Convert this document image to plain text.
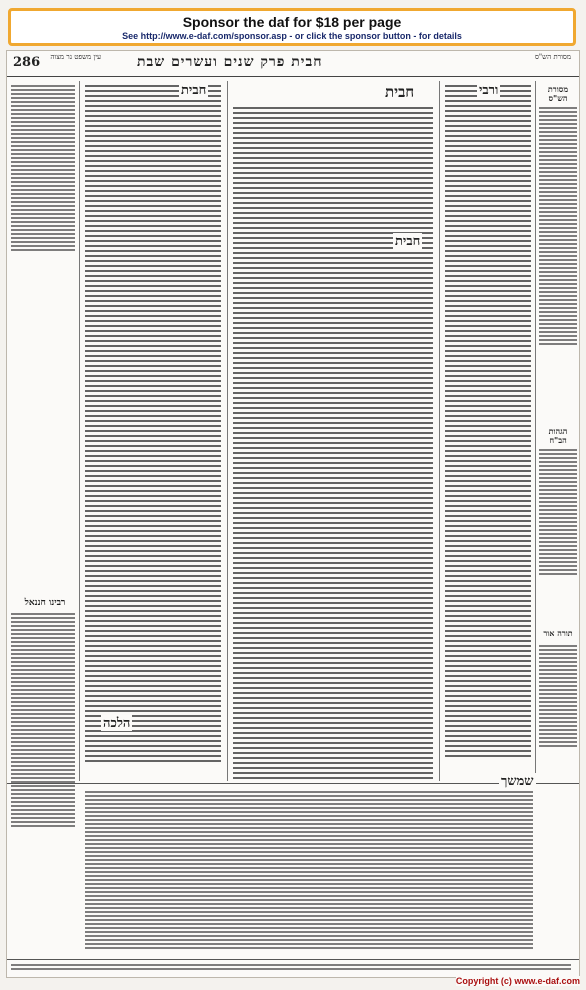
Sponsor the daf for $18 per page
See http://www.e-daf.com/sponsor.asp - or click the sponsor button - for details
286	עין משפט נר מצוה	חבית פרק שנים ועשרים שבת	מסורת הש"ס
רבינו חננאל
חבית
הלכה
חבית
חבית
ורבי	מסורת הש"ס
הגהות הב"ח
תורה אור
שמשך
Copyright (c) www.e-daf.com
